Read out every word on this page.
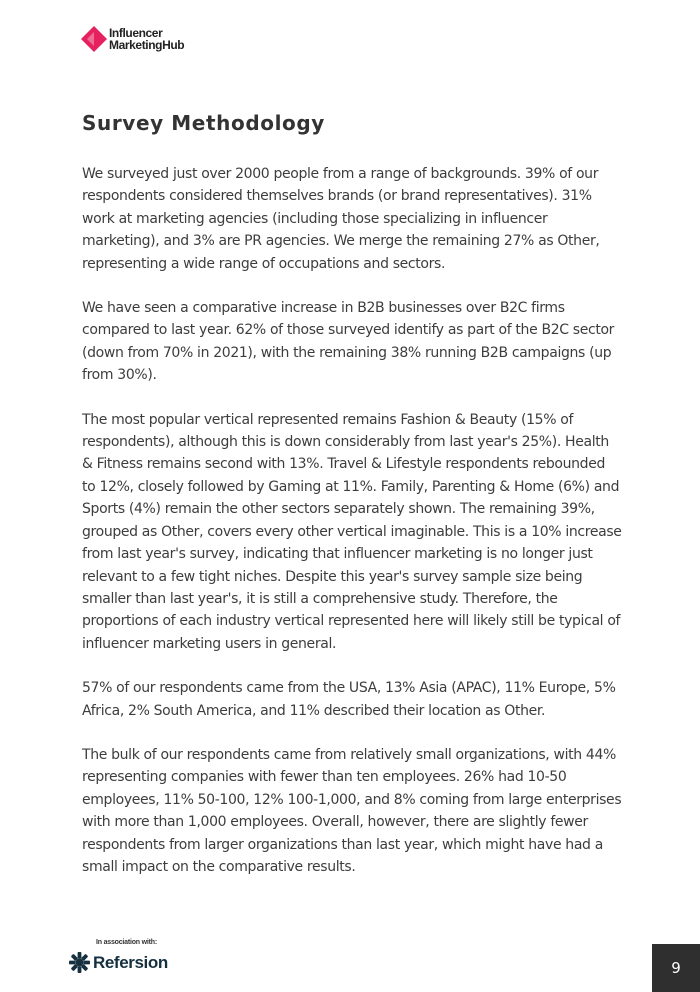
Influencer
MarketingHub
Survey Methodology

We surveyed just over 2000 people from a range of backgrounds. 39% of our respondents considered themselves brands (or brand representatives). 31% work at marketing agencies (including those specializing in influencer marketing), and 3% are PR agencies. We merge the remaining 27% as Other, representing a wide range of occupations and sectors.

We have seen a comparative increase in B2B businesses over B2C firms compared to last year. 62% of those surveyed identify as part of the B2C sector (down from 70% in 2021), with the remaining 38% running B2B campaigns (up from 30%).

The most popular vertical represented remains Fashion & Beauty (15% of respondents), although this is down considerably from last year's 25%). Health & Fitness remains second with 13%. Travel & Lifestyle respondents rebounded to 12%, closely followed by Gaming at 11%. Family, Parenting & Home (6%) and Sports (4%) remain the other sectors separately shown. The remaining 39%, grouped as Other, covers every other vertical imaginable. This is a 10% increase from last year's survey, indicating that influencer marketing is no longer just relevant to a few tight niches. Despite this year's survey sample size being smaller than last year's, it is still a comprehensive study. Therefore, the proportions of each industry vertical represented here will likely still be typical of influencer marketing users in general.

57% of our respondents came from the USA, 13% Asia (APAC), 11% Europe, 5% Africa, 2% South America, and 11% described their location as Other.

The bulk of our respondents came from relatively small organizations, with 44% representing companies with fewer than ten employees. 26% had 10-50 employees, 11% 50-100, 12% 100-1,000, and 8% coming from large enterprises with more than 1,000 employees. Overall, however, there are slightly fewer respondents from larger organizations than last year, which might have had a small impact on the comparative results.

In association with:
Refersion	9
